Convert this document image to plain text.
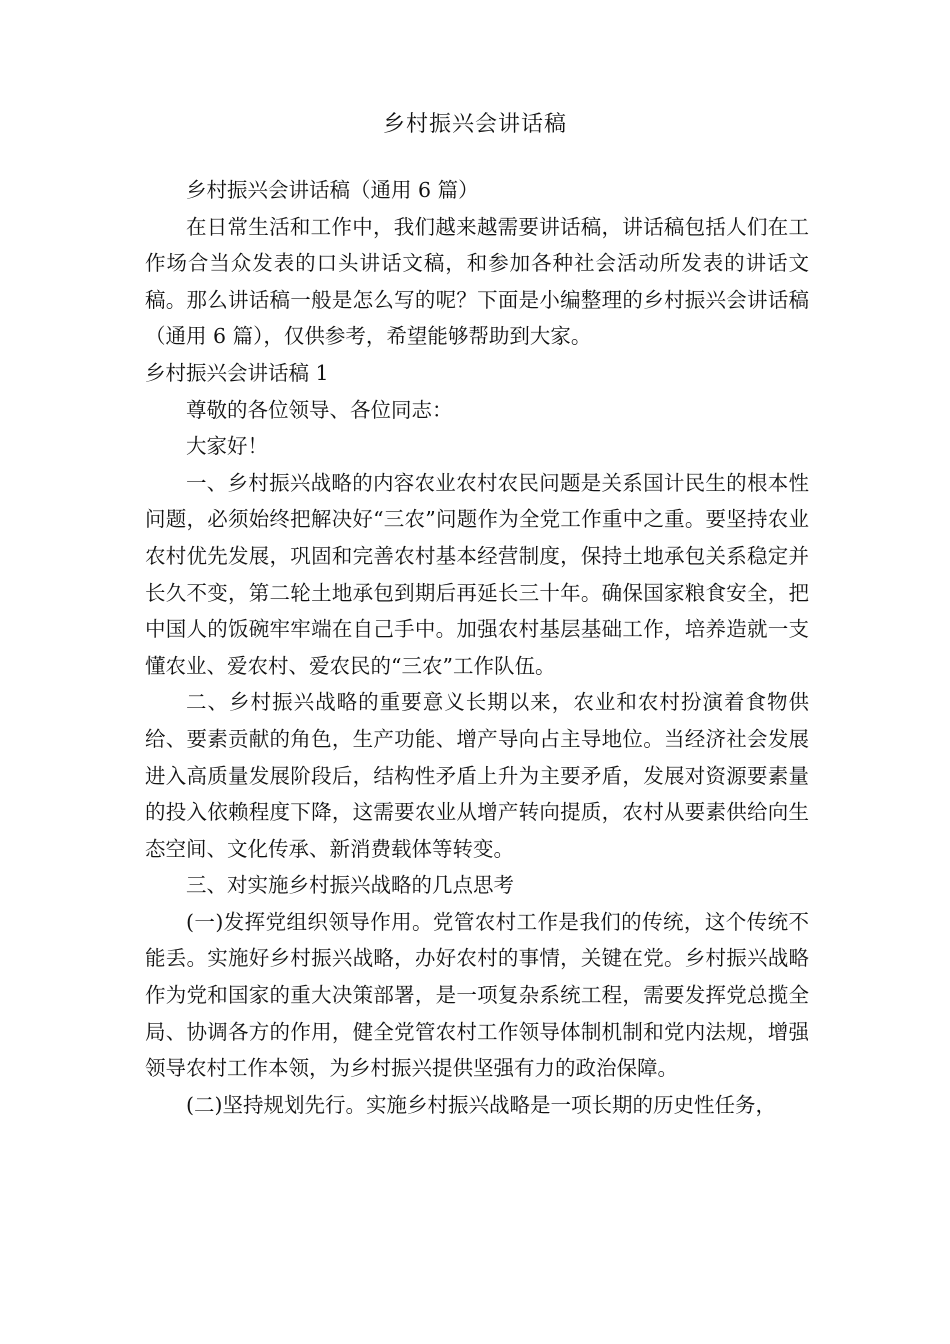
乡村振兴会讲话稿

乡村振兴会讲话稿（通用 6 篇）

在日常生活和工作中，我们越来越需要讲话稿，讲话稿包括人们在工作场合当众发表的口头讲话文稿，和参加各种社会活动所发表的讲话文稿。那么讲话稿一般是怎么写的呢？下面是小编整理的乡村振兴会讲话稿（通用 6 篇），仅供参考，希望能够帮助到大家。

乡村振兴会讲话稿 1

尊敬的各位领导、各位同志：

大家好！

一、乡村振兴战略的内容农业农村农民问题是关系国计民生的根本性问题，必须始终把解决好“三农”问题作为全党工作重中之重。要坚持农业农村优先发展，巩固和完善农村基本经营制度，保持土地承包关系稳定并长久不变，第二轮土地承包到期后再延长三十年。确保国家粮食安全，把中国人的饭碗牢牢端在自己手中。加强农村基层基础工作，培养造就一支懂农业、爱农村、爱农民的“三农”工作队伍。

二、乡村振兴战略的重要意义长期以来，农业和农村扮演着食物供给、要素贡献的角色，生产功能、增产导向占主导地位。当经济社会发展进入高质量发展阶段后，结构性矛盾上升为主要矛盾，发展对资源要素量的投入依赖程度下降，这需要农业从增产转向提质，农村从要素供给向生态空间、文化传承、新消费载体等转变。

三、对实施乡村振兴战略的几点思考

(一)发挥党组织领导作用。党管农村工作是我们的传统，这个传统不能丢。实施好乡村振兴战略，办好农村的事情，关键在党。乡村振兴战略作为党和国家的重大决策部署，是一项复杂系统工程，需要发挥党总揽全局、协调各方的作用，健全党管农村工作领导体制机制和党内法规，增强领导农村工作本领，为乡村振兴提供坚强有力的政治保障。

(二)坚持规划先行。实施乡村振兴战略是一项长期的历史性任务，
